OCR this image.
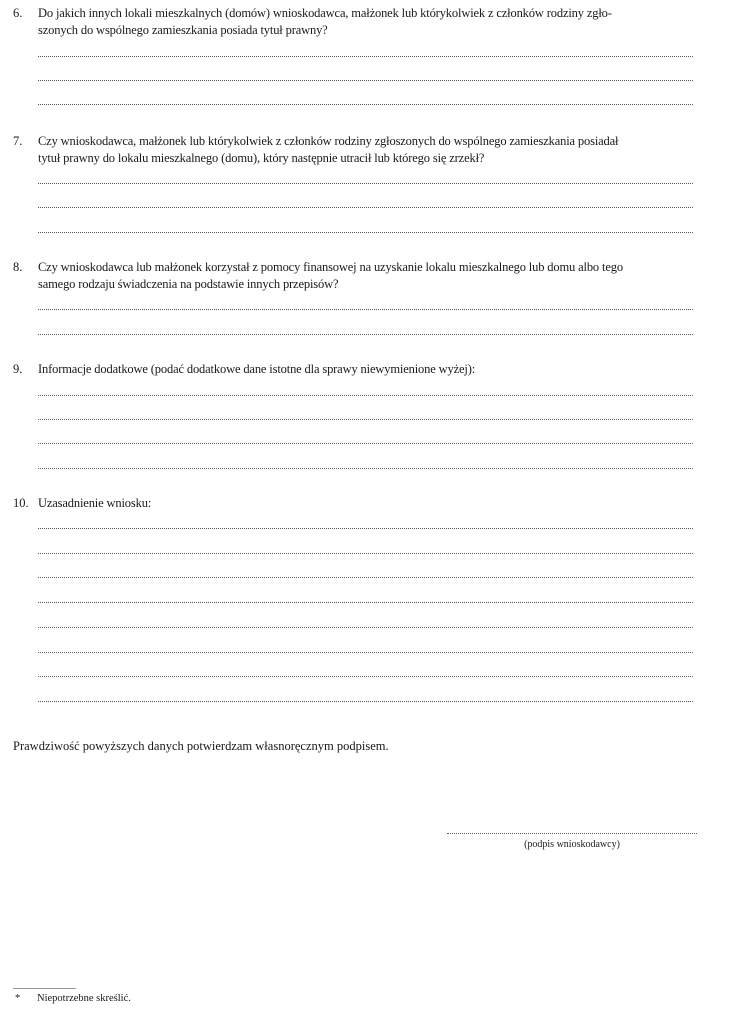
6. Do jakich innych lokali mieszkalnych (domów) wnioskodawca, małżonek lub którykolwiek z członków rodziny zgło-
szonych do wspólnego zamieszkania posiada tytuł prawny?
7. Czy wnioskodawca, małżonek lub którykolwiek z członków rodziny zgłoszonych do wspólnego zamieszkania posiadał
tytuł prawny do lokalu mieszkalnego (domu), który następnie utracił lub którego się zrzekł?
8. Czy wnioskodawca lub małżonek korzystał z pomocy finansowej na uzyskanie lokalu mieszkalnego lub domu albo tego
samego rodzaju świadczenia na podstawie innych przepisów?
9. Informacje dodatkowe (podać dodatkowe dane istotne dla sprawy niewymienione wyżej):
10. Uzasadnienie wniosku:
Prawdziwość powyższych danych potwierdzam własnoręcznym podpisem.
(podpis wnioskodawcy)
* Niepotrzebne skreślić.
